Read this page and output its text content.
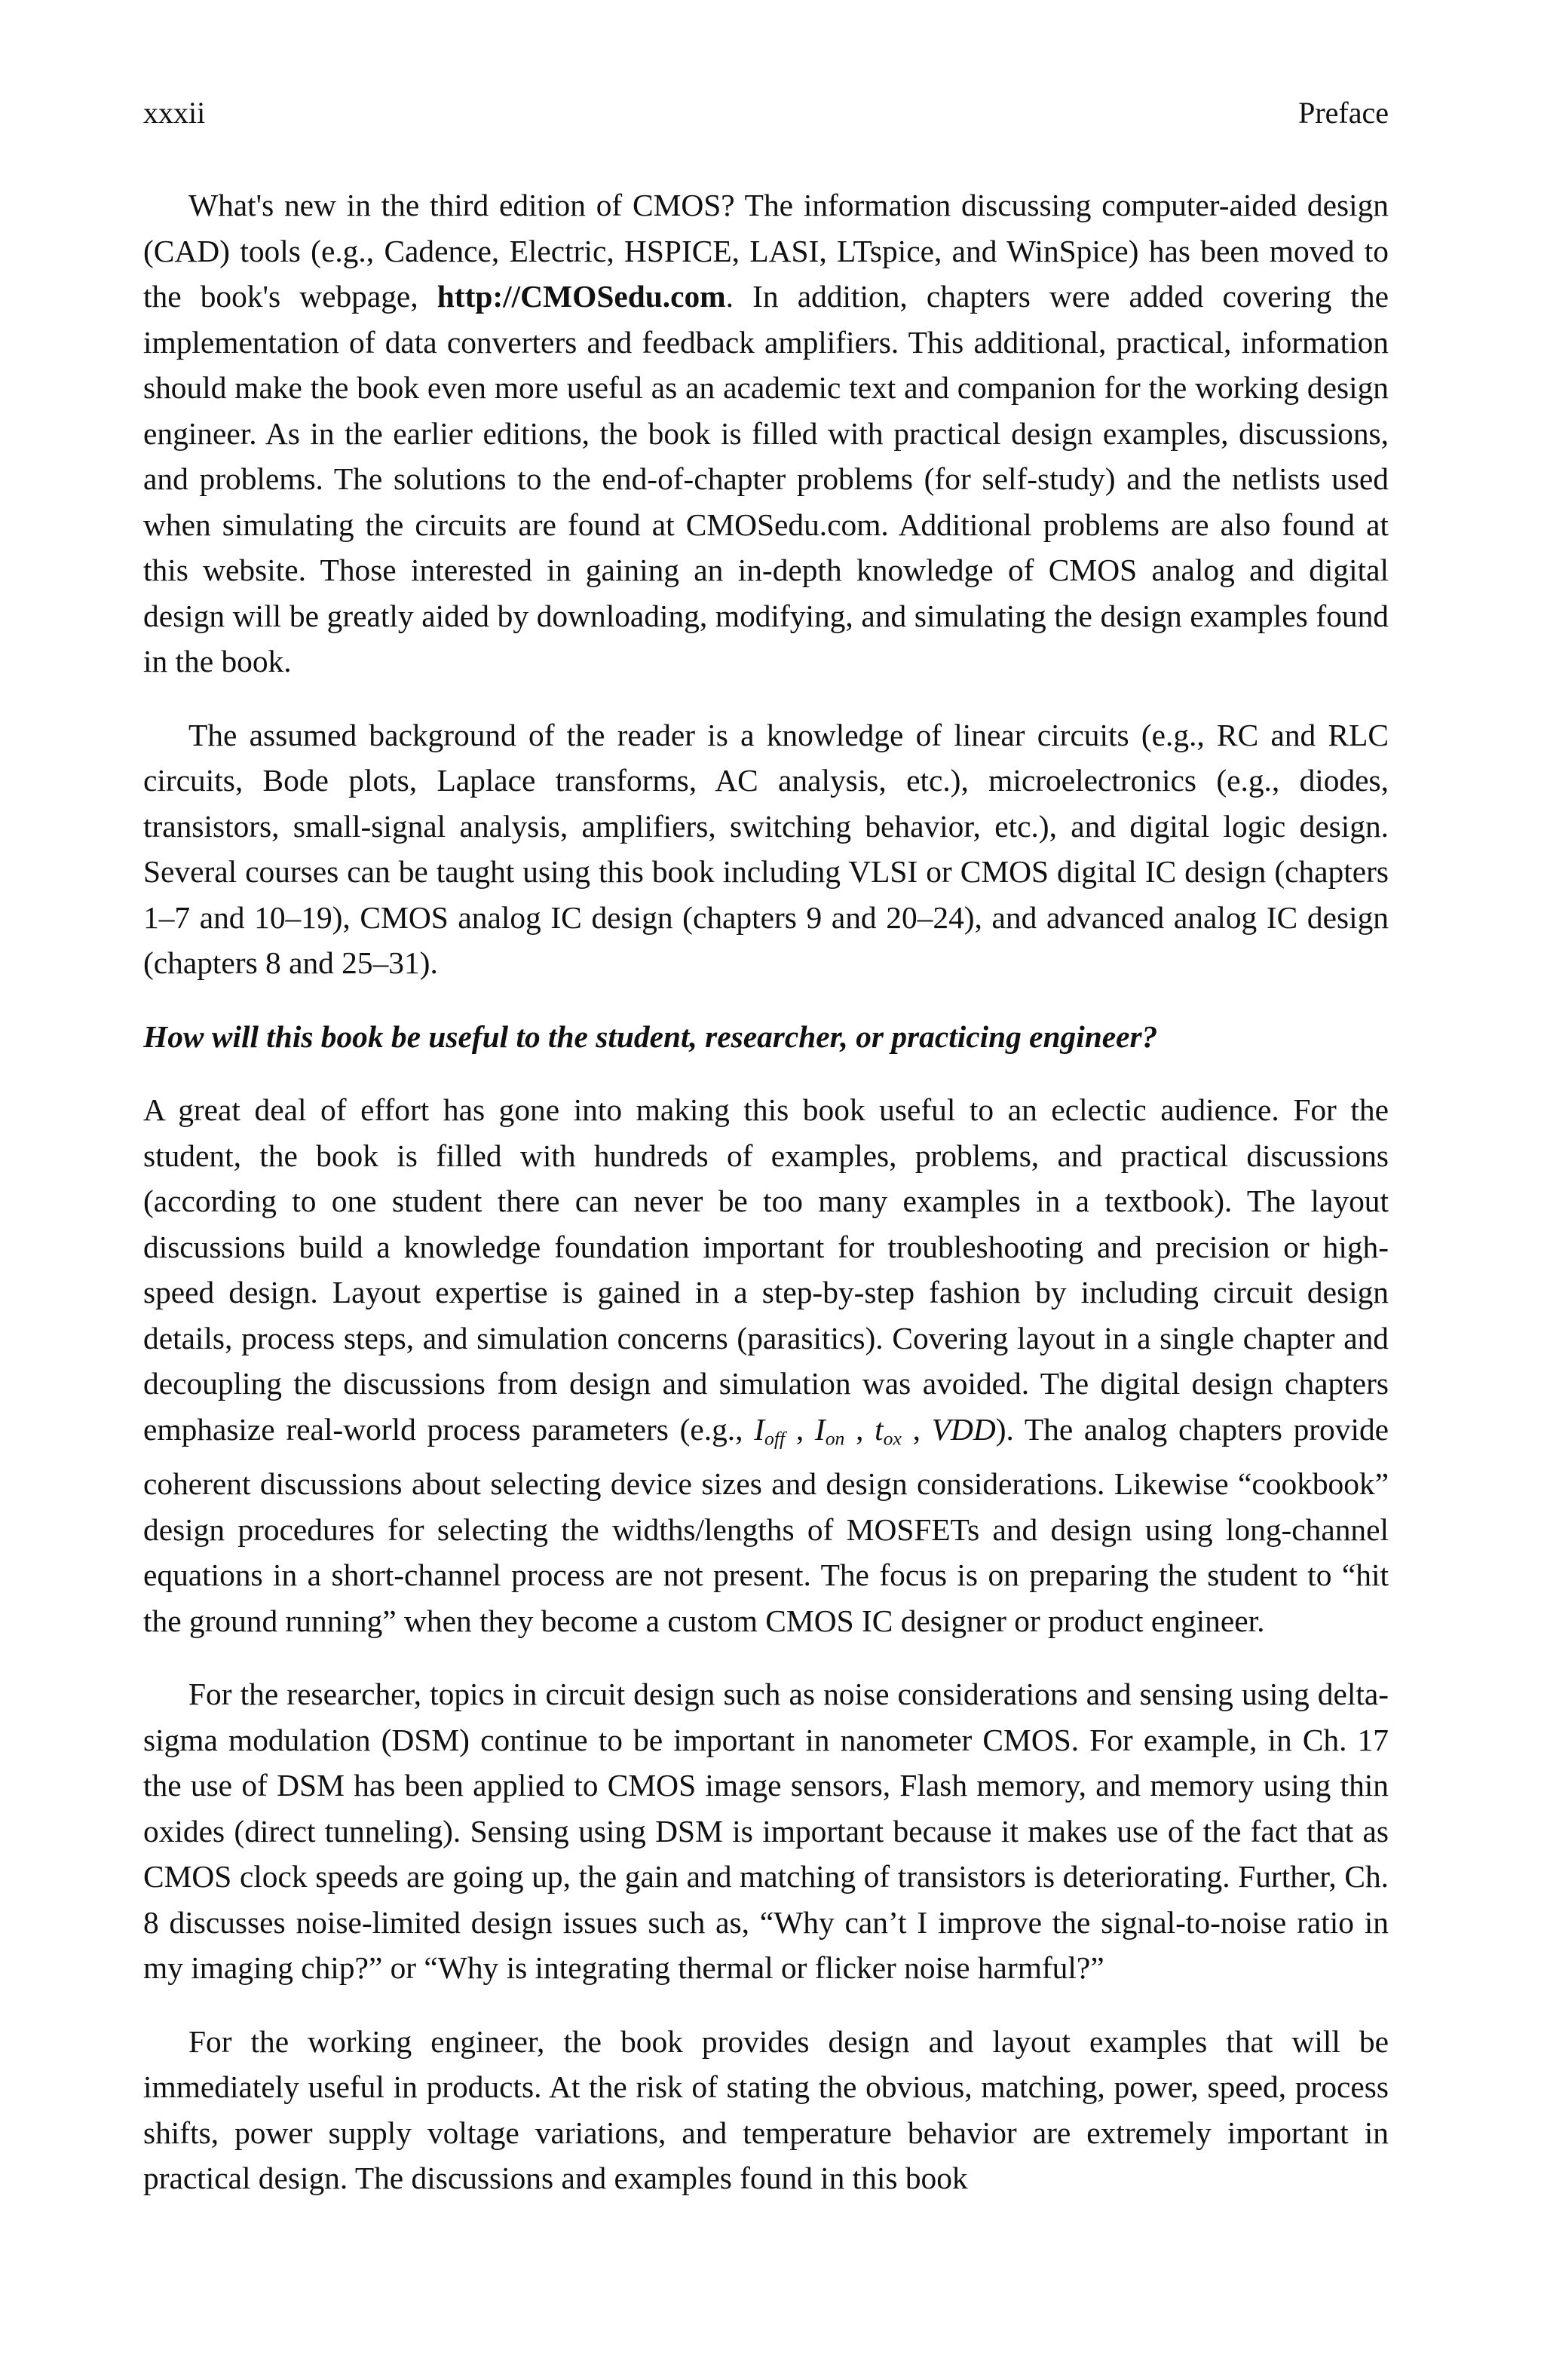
xxxii	Preface

What's new in the third edition of CMOS? The information discussing computer-aided design (CAD) tools (e.g., Cadence, Electric, HSPICE, LASI, LTspice, and WinSpice) has been moved to the book's webpage, http://CMOSedu.com. In addition, chapters were added covering the implementation of data converters and feedback amplifiers. This additional, practical, information should make the book even more useful as an academic text and companion for the working design engineer. As in the earlier editions, the book is filled with practical design examples, discussions, and problems. The solutions to the end-of-chapter problems (for self-study) and the netlists used when simulating the circuits are found at CMOSedu.com. Additional problems are also found at this website. Those interested in gaining an in-depth knowledge of CMOS analog and digital design will be greatly aided by downloading, modifying, and simulating the design examples found in the book.

The assumed background of the reader is a knowledge of linear circuits (e.g., RC and RLC circuits, Bode plots, Laplace transforms, AC analysis, etc.), microelectronics (e.g., diodes, transistors, small-signal analysis, amplifiers, switching behavior, etc.), and digital logic design. Several courses can be taught using this book including VLSI or CMOS digital IC design (chapters 1–7 and 10–19), CMOS analog IC design (chapters 9 and 20–24), and advanced analog IC design (chapters 8 and 25–31).

How will this book be useful to the student, researcher, or practicing engineer?

A great deal of effort has gone into making this book useful to an eclectic audience. For the student, the book is filled with hundreds of examples, problems, and practical discussions (according to one student there can never be too many examples in a textbook). The layout discussions build a knowledge foundation important for troubleshooting and precision or high-speed design. Layout expertise is gained in a step-by-step fashion by including circuit design details, process steps, and simulation concerns (parasitics). Covering layout in a single chapter and decoupling the discussions from design and simulation was avoided. The digital design chapters emphasize real-world process parameters (e.g., $I_{off}$ , $I_{on}$ , $t_{ox}$ , VDD). The analog chapters provide coherent discussions about selecting device sizes and design considerations. Likewise “cookbook” design procedures for selecting the widths/lengths of MOSFETs and design using long-channel equations in a short-channel process are not present. The focus is on preparing the student to “hit the ground running” when they become a custom CMOS IC designer or product engineer.

For the researcher, topics in circuit design such as noise considerations and sensing using delta-sigma modulation (DSM) continue to be important in nanometer CMOS. For example, in Ch. 17 the use of DSM has been applied to CMOS image sensors, Flash memory, and memory using thin oxides (direct tunneling). Sensing using DSM is important because it makes use of the fact that as CMOS clock speeds are going up, the gain and matching of transistors is deteriorating. Further, Ch. 8 discusses noise-limited design issues such as, “Why can’t I improve the signal-to-noise ratio in my imaging chip?” or “Why is integrating thermal or flicker noise harmful?”

For the working engineer, the book provides design and layout examples that will be immediately useful in products. At the risk of stating the obvious, matching, power, speed, process shifts, power supply voltage variations, and temperature behavior are extremely important in practical design. The discussions and examples found in this book
